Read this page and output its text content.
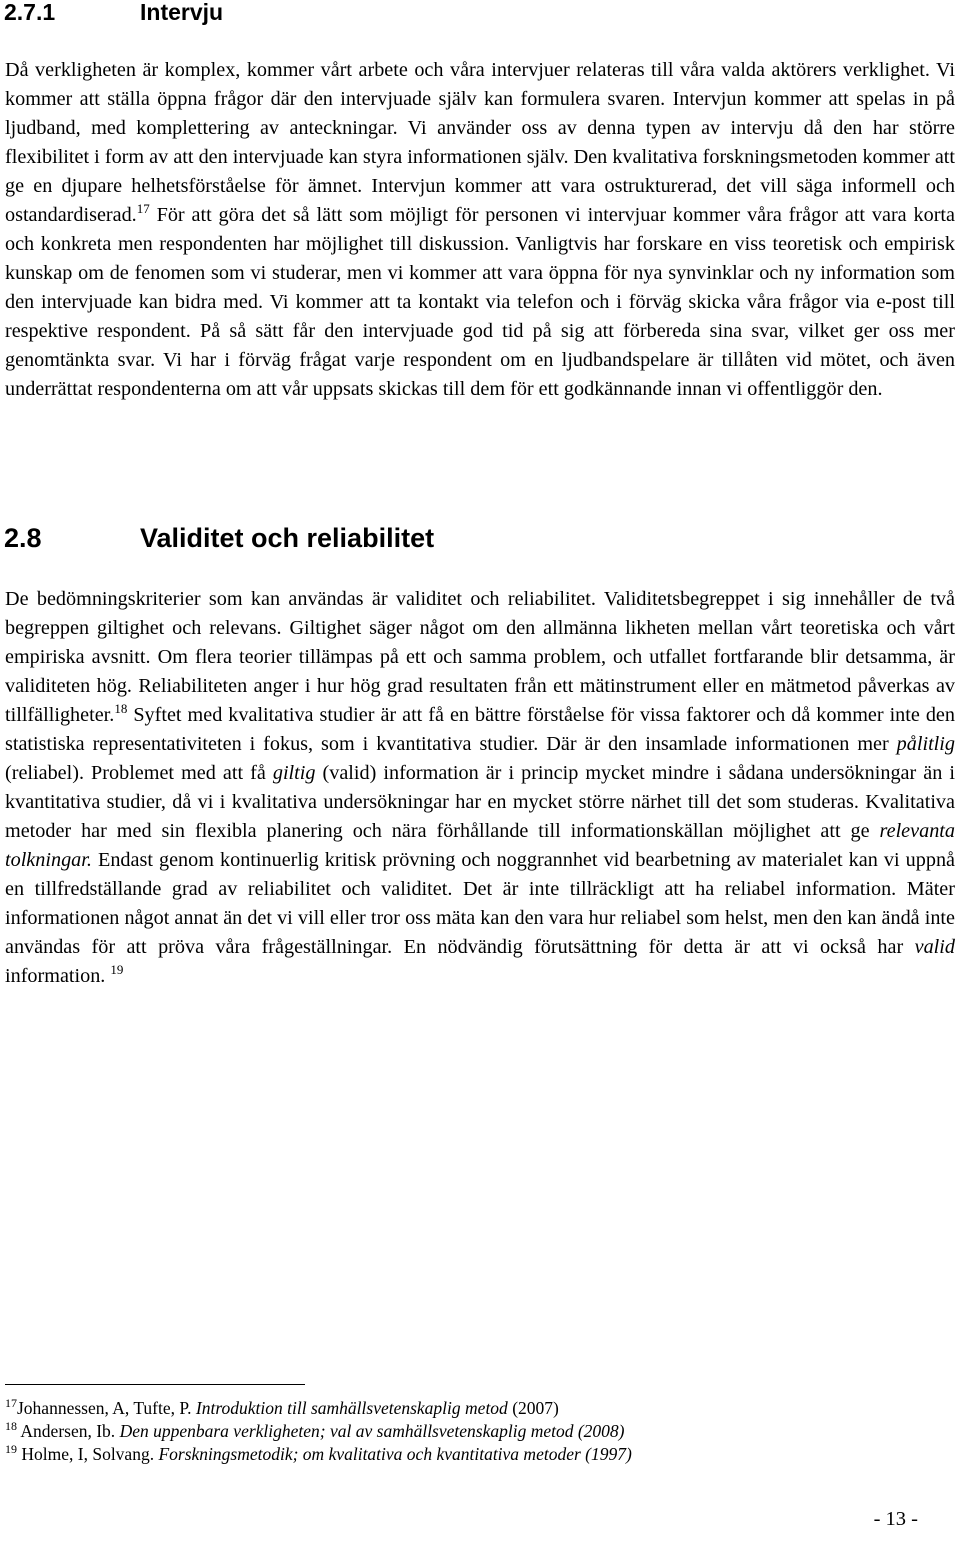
2.7.1	Intervju

Då verkligheten är komplex, kommer vårt arbete och våra intervjuer relateras till våra valda aktörers verklighet. Vi kommer att ställa öppna frågor där den intervjuade själv kan formulera svaren. Intervjun kommer att spelas in på ljudband, med komplettering av anteckningar. Vi använder oss av denna typen av intervju då den har större flexibilitet i form av att den intervjuade kan styra informationen själv. Den kvalitativa forskningsmetoden kommer att ge en djupare helhetsförståelse för ämnet. Intervjun kommer att vara ostrukturerad, det vill säga informell och ostandardiserad.$^{17}$ För att göra det så lätt som möjligt för personen vi intervjuar kommer våra frågor att vara korta och konkreta men respondenten har möjlighet till diskussion. Vanligtvis har forskare en viss teoretisk och empirisk kunskap om de fenomen som vi studerar, men vi kommer att vara öppna för nya synvinklar och ny information som den intervjuade kan bidra med. Vi kommer att ta kontakt via telefon och i förväg skicka våra frågor via e-post till respektive respondent. På så sätt får den intervjuade god tid på sig att förbereda sina svar, vilket ger oss mer genomtänkta svar. Vi har i förväg frågat varje respondent om en ljudbandspelare är tillåten vid mötet, och även underrättat respondenterna om att vår uppsats skickas till dem för ett godkännande innan vi offentliggör den.

2.8	Validitet och reliabilitet

De bedömningskriterier som kan användas är validitet och reliabilitet. Validitetsbegreppet i sig innehåller de två begreppen giltighet och relevans. Giltighet säger något om den allmänna likheten mellan vårt teoretiska och vårt empiriska avsnitt. Om flera teorier tillämpas på ett och samma problem, och utfallet fortfarande blir detsamma, är validiteten hög. Reliabiliteten anger i hur hög grad resultaten från ett mätinstrument eller en mätmetod påverkas av tillfälligheter.$^{18}$ Syftet med kvalitativa studier är att få en bättre förståelse för vissa faktorer och då kommer inte den statistiska representativiteten i fokus, som i kvantitativa studier. Där är den insamlade informationen mer pålitlig (reliabel). Problemet med att få giltig (valid) information är i princip mycket mindre i sådana undersökningar än i kvantitativa studier, då vi i kvalitativa undersökningar har en mycket större närhet till det som studeras. Kvalitativa metoder har med sin flexibla planering och nära förhållande till informationskällan möjlighet att ge relevanta tolkningar. Endast genom kontinuerlig kritisk prövning och noggrannhet vid bearbetning av materialet kan vi uppnå en tillfredställande grad av reliabilitet och validitet. Det är inte tillräckligt att ha reliabel information. Mäter informationen något annat än det vi vill eller tror oss mäta kan den vara hur reliabel som helst, men den kan ändå inte användas för att pröva våra frågeställningar. En nödvändig förutsättning för detta är att vi också har valid information. $^{19}$

$^{17}$Johannessen, A, Tufte, P. Introduktion till samhällsvetenskaplig metod (2007)

$^{18}$ Andersen, Ib. Den uppenbara verkligheten; val av samhällsvetenskaplig metod (2008)

$^{19}$ Holme, I, Solvang. Forskningsmetodik; om kvalitativa och kvantitativa metoder (1997)

- 13 -
